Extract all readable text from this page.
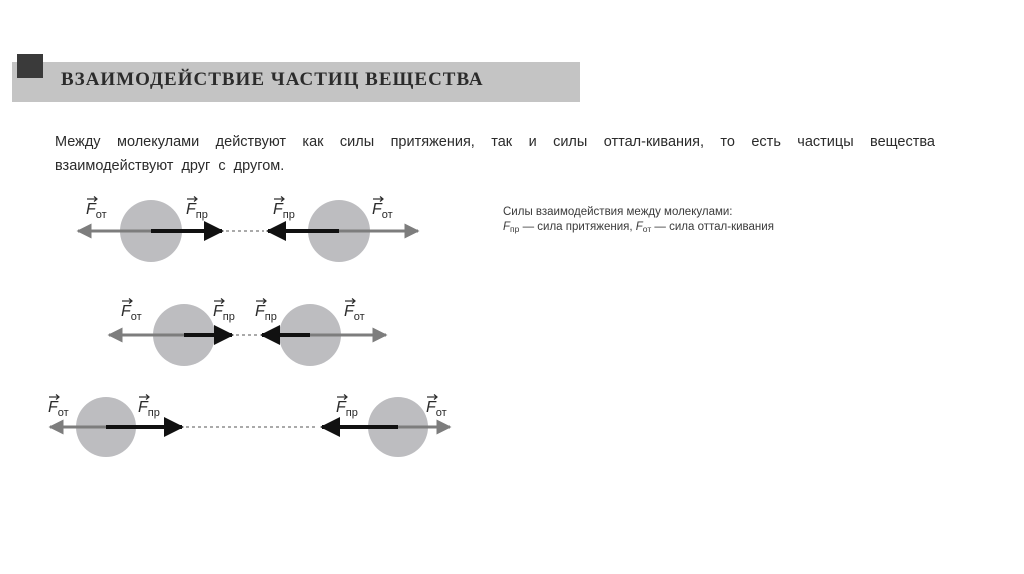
ВЗАИМОДЕЙСТВИЕ ЧАСТИЦ ВЕЩЕСТВА
Между молекулами действуют как силы притяжения, так и силы оттал-кивания, то есть частицы вещества взаимодействуют друг с другом.
Силы взаимодействия между молекулами:
$F_{пр}$ — сила притяжения, $F_{от}$ — сила оттал-кивания
$F_{от}$	$F_{пр}$	$F_{пр}$	$F_{от}$
$F_{от}$	$F_{пр}$ $F_{пр}$	$F_{от}$
$F_{от}$	$F_{пр}$	$F_{пр}$	$F_{от}$
